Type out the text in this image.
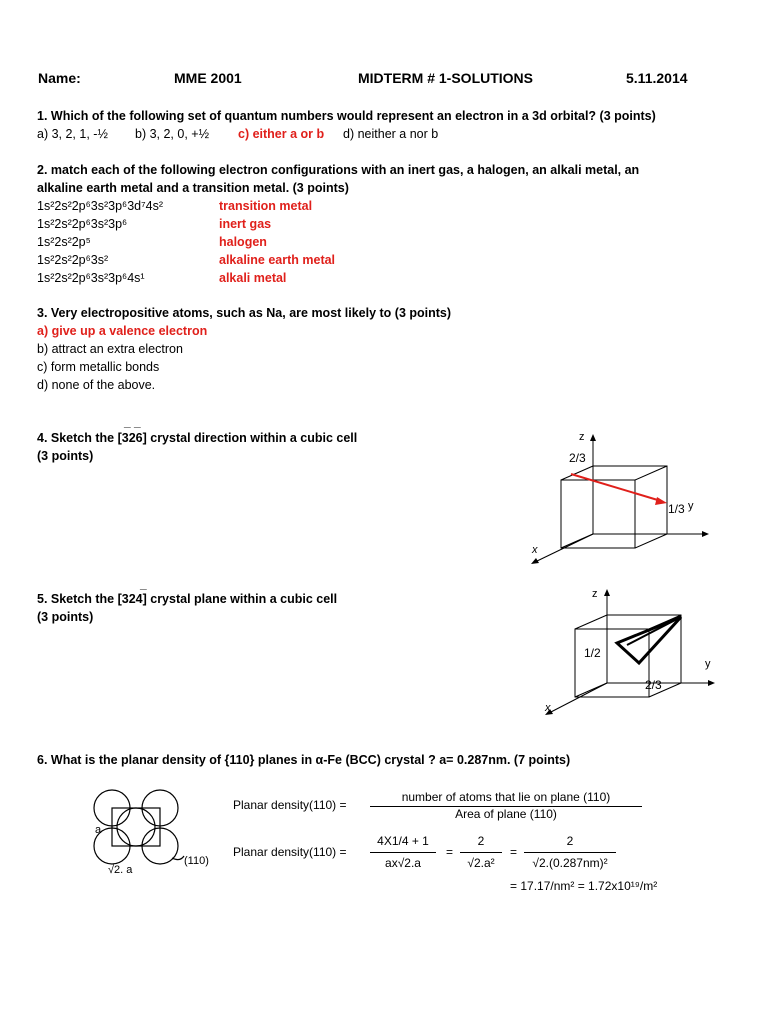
Name:	MME 2001	MIDTERM # 1-SOLUTIONS	5.11.2014
1. Which of the following set of quantum numbers would represent an electron in a 3d orbital? (3 points)
a) 3, 2, 1, -½ b) 3, 2, 0, +½ c) either a or b d) neither a nor b
2. match each of the following electron configurations with an inert gas, a halogen, an alkali metal, an
alkaline earth metal and a transition metal. (3 points)
1s²2s²2p⁶3s²3p⁶3d⁷4s²	transition metal
1s²2s²2p⁶3s²3p⁶	inert gas
1s²2s²2p⁵	halogen
1s²2s²2p⁶3s²	alkaline earth metal
1s²2s²2p⁶3s²3p⁶4s¹	alkali metal
3. Very electropositive atoms, such as Na, are most likely to (3 points)
a) give up a valence electron
b) attract an extra electron
c) form metallic bonds
d) none of the above.
_ _
4. Sketch the [326] crystal direction within a cubic cell
(3 points)
z
y
x
2/3
1/3
_
5. Sketch the [324] crystal plane within a cubic cell
(3 points)
z
y
x
1/2
2/3
6. What is the planar density of {110} planes in α-Fe (BCC) crystal ? a= 0.287nm. (7 points)
a
√2. a
(110)
Planar density(110) =
number of atoms that lie on plane (110)
Area of plane (110)
Planar density(110) =
4X1/4 + 1
ax√2.a
=
2
√2.a²
=
2
√2.(0.287nm)²
= 17.17/nm² = 1.72x10¹⁹/m²
